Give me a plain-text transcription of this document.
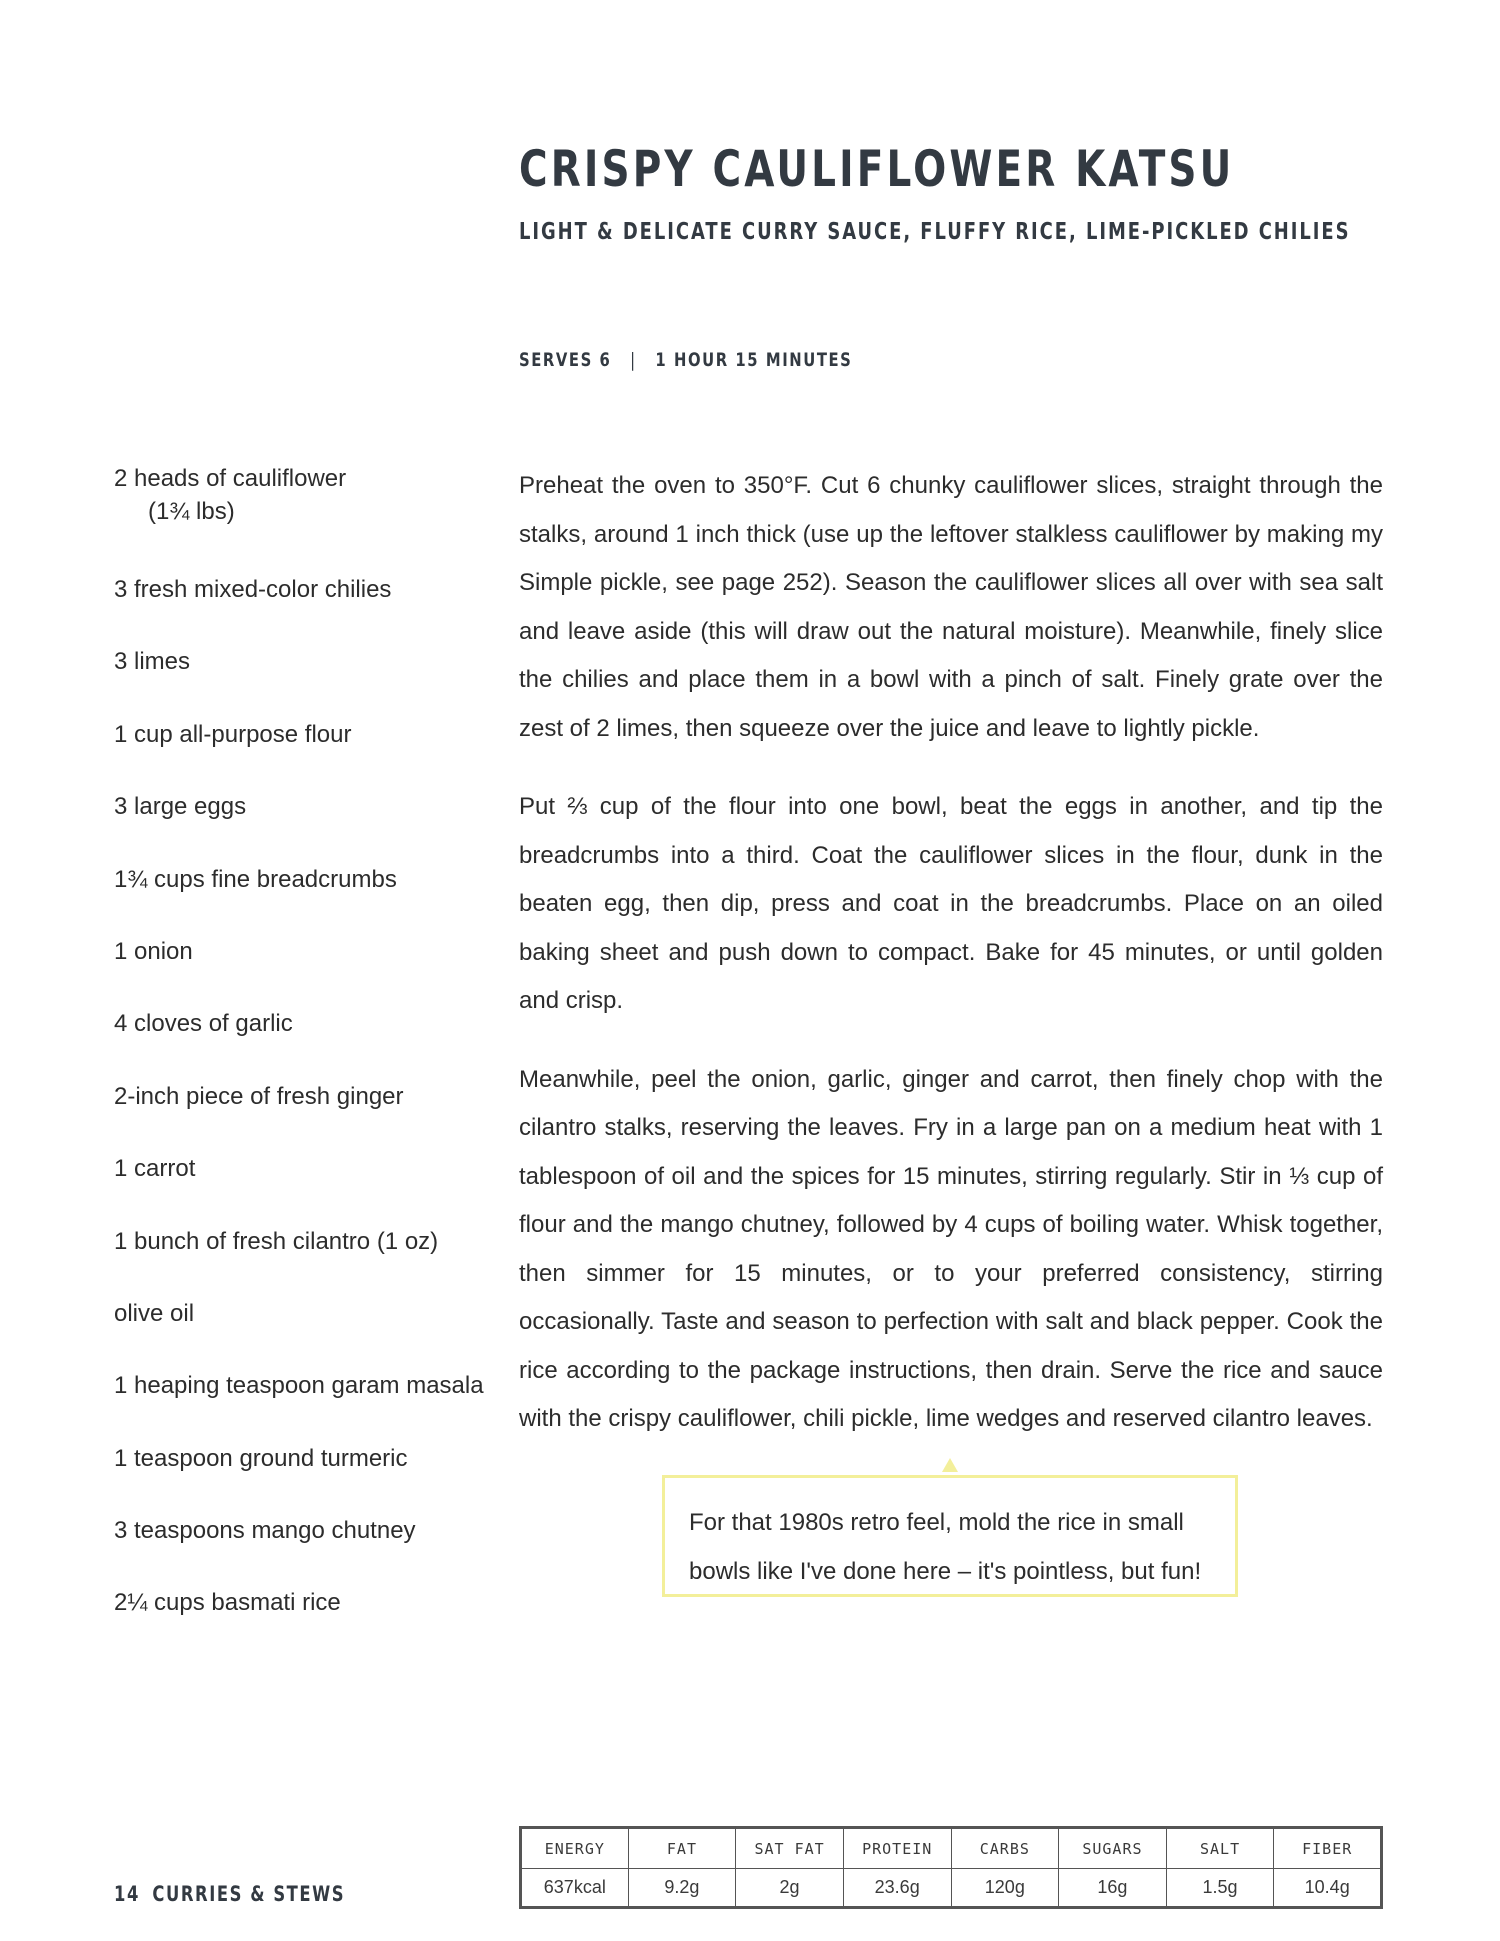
CRISPY CAULIFLOWER KATSU
LIGHT & DELICATE CURRY SAUCE, FLUFFY RICE, LIME-PICKLED CHILIES
SERVES 6 | 1 HOUR 15 MINUTES
2 heads of cauliflower
(1¾ lbs)
3 fresh mixed-color chilies
3 limes
1 cup all-purpose flour
3 large eggs
1¾ cups fine breadcrumbs
1 onion
4 cloves of garlic
2-inch piece of fresh ginger
1 carrot
1 bunch of fresh cilantro (1 oz)
olive oil
1 heaping teaspoon garam masala
1 teaspoon ground turmeric
3 teaspoons mango chutney
2¼ cups basmati rice

Preheat the oven to 350°F. Cut 6 chunky cauliflower slices, straight through the stalks, around 1 inch thick (use up the leftover stalkless cauliflower by making my Simple pickle, see page 252). Season the cauliflower slices all over with sea salt and leave aside (this will draw out the natural moisture). Meanwhile, finely slice the chilies and place them in a bowl with a pinch of salt. Finely grate over the zest of 2 limes, then squeeze over the juice and leave to lightly pickle.

Put ⅔ cup of the flour into one bowl, beat the eggs in another, and tip the breadcrumbs into a third. Coat the cauliflower slices in the flour, dunk in the beaten egg, then dip, press and coat in the breadcrumbs. Place on an oiled baking sheet and push down to compact. Bake for 45 minutes, or until golden and crisp.

Meanwhile, peel the onion, garlic, ginger and carrot, then finely chop with the cilantro stalks, reserving the leaves. Fry in a large pan on a medium heat with 1 tablespoon of oil and the spices for 15 minutes, stirring regularly. Stir in ⅓ cup of flour and the mango chutney, followed by 4 cups of boiling water. Whisk together, then simmer for 15 minutes, or to your preferred consistency, stirring occasionally. Taste and season to perfection with salt and black pepper. Cook the rice according to the package instructions, then drain. Serve the rice and sauce with the crispy cauliflower, chili pickle, lime wedges and reserved cilantro leaves.

For that 1980s retro feel, mold the rice in small bowls like I've done here – it's pointless, but fun!
ENERGY	FAT	SAT FAT	PROTEIN	CARBS	SUGARS	SALT	FIBER
637kcal	9.2g	2g	23.6g	120g	16g	1.5g	10.4g
14 CURRIES & STEWS
